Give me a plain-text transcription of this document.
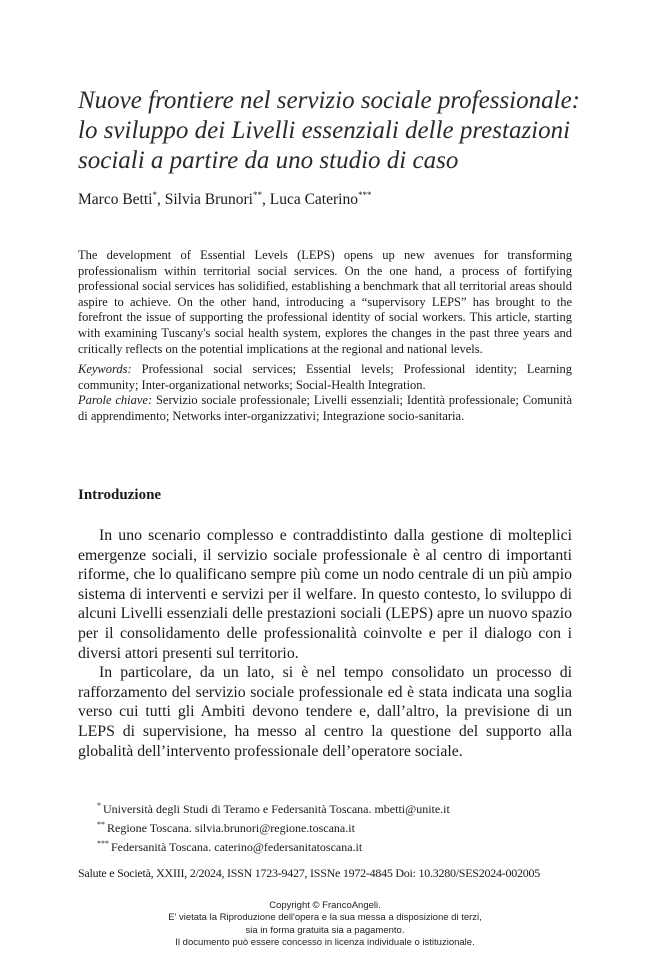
Nuove frontiere nel servizio sociale professionale:
lo sviluppo dei Livelli essenziali delle prestazioni
sociali a partire da uno studio di caso
Marco Betti*, Silvia Brunori**, Luca Caterino***
The development of Essential Levels (LEPS) opens up new avenues for transforming professionalism within territorial social services. On the one hand, a process of fortifying professional social services has solidified, establishing a benchmark that all territorial areas should aspire to achieve. On the other hand, introducing a “supervisory LEPS” has brought to the forefront the issue of supporting the professional identity of social workers. This article, starting with examining Tuscany's social health system, explores the changes in the past three years and critically reflects on the potential implications at the regional and national levels.

Keywords: Professional social services; Essential levels; Professional identity; Learning community; Inter-organizational networks; Social-Health Integration.

Parole chiave: Servizio sociale professionale; Livelli essenziali; Identità professionale; Comunità di apprendimento; Networks inter-organizzativi; Integrazione socio-sanitaria.

Introduzione

In uno scenario complesso e contraddistinto dalla gestione di molteplici emergenze sociali, il servizio sociale professionale è al centro di importanti riforme, che lo qualificano sempre più come un nodo centrale di un più ampio sistema di interventi e servizi per il welfare. In questo contesto, lo sviluppo di alcuni Livelli essenziali delle prestazioni sociali (LEPS) apre un nuovo spazio per il consolidamento delle professionalità coinvolte e per il dialogo con i diversi attori presenti sul territorio.

In particolare, da un lato, si è nel tempo consolidato un processo di rafforzamento del servizio sociale professionale ed è stata indicata una soglia verso cui tutti gli Ambiti devono tendere e, dall’altro, la previsione di un LEPS di supervisione, ha messo al centro la questione del supporto alla globalità dell’intervento professionale dell’operatore sociale.

* Università degli Studi di Teramo e Federsanità Toscana. mbetti@unite.it
** Regione Toscana. silvia.brunori@regione.toscana.it
*** Federsanità Toscana. caterino@federsanitatoscana.it
Salute e Società, XXIII, 2/2024, ISSN 1723-9427, ISSNe 1972-4845 Doi: 10.3280/SES2024-002005
Copyright © FrancoAngeli.
E' vietata la Riproduzione dell'opera e la sua messa a disposizione di terzi,
sia in forma gratuita sia a pagamento.
Il documento può essere concesso in licenza individuale o istituzionale.
